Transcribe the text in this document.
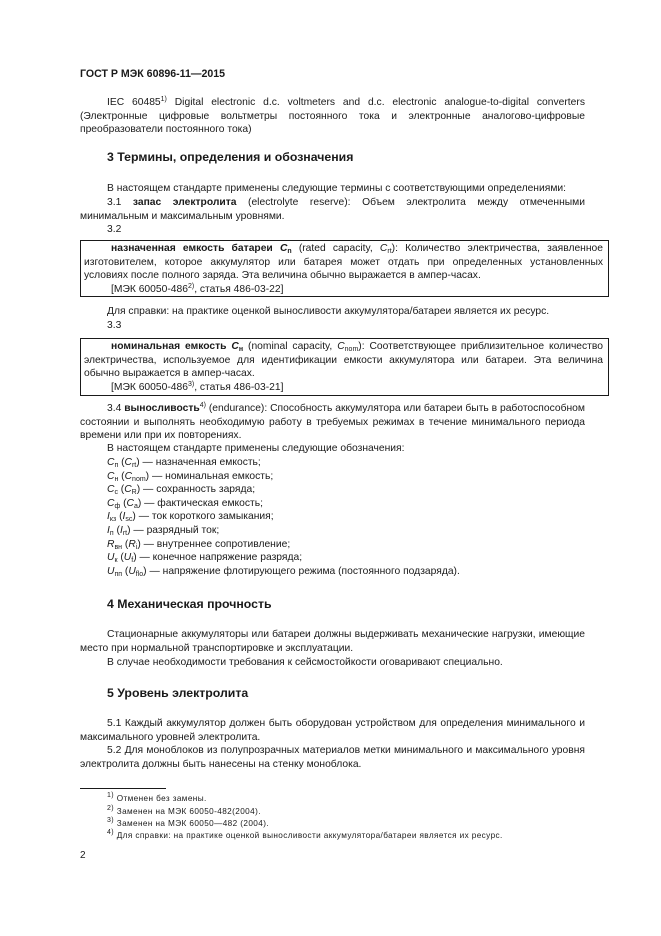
ГОСТ Р МЭК 60896-11—2015
IEC 60485$^{1)}$ Digital electronic d.c. voltmeters and d.c. electronic analogue-to-digital converters (Электронные цифровые вольтметры постоянного тока и электронные аналогово-цифровые преобразователи постоянного тока)
3 Термины, определения и обозначения
В настоящем стандарте применены следующие термины с соответствующими определениями:
3.1 запас электролита (electrolyte reserve): Объем электролита между отмеченными минимальным и максимальным уровнями.
3.2
назначенная емкость батареи $C_n$ (rated capacity, $C_{rt}$): Количество электричества, заявленное изготовителем, которое аккумулятор или батарея может отдать при определенных установленных условиях после полного заряда. Эта величина обычно выражается в ампер-часах.
[МЭК 60050-486$^{2)}$, статья 486-03-22]
Для справки: на практике оценкой выносливости аккумулятора/батареи является их ресурс.
3.3
номинальная емкость $C_н$ (nominal capacity, $C_{nom}$): Соответствующее приблизительное количество электричества, используемое для идентификации емкости аккумулятора или батареи. Эта величина обычно выражается в ампер-часах.
[МЭК 60050-486$^{3)}$, статья 486-03-21]
3.4 выносливость$^{4)}$ (endurance): Способность аккумулятора или батареи быть в работоспособном состоянии и выполнять необходимую работу в требуемых режимах в течение минимального периода времени или при их повторениях.
В настоящем стандарте применены следующие обозначения:
$C_п$ $(C_{rt})$ — назначенная емкость;
$C_н$ $(C_{nom})$ — номинальная емкость;
$C_с$ $(C_R)$ — сохранность заряда;
$C_ф$ $(C_a)$ — фактическая емкость;
$I_{кз}$ $(I_{sc})$ — ток короткого замыкания;
$I_п$ $(I_{rt})$ — разрядный ток;
$R_{вн}$ $(R_i)$ — внутреннее сопротивление;
$U_к$ $(U_f)$ — конечное напряжение разряда;
$U_{пп}$ $(U_{flo})$ — напряжение флотирующего режима (постоянного подзаряда).
4 Механическая прочность
Стационарные аккумуляторы или батареи должны выдерживать механические нагрузки, имеющие место при нормальной транспортировке и эксплуатации.
В случае необходимости требования к сейсмостойкости оговаривают специально.
5 Уровень электролита
5.1 Каждый аккумулятор должен быть оборудован устройством для определения минимального и максимального уровней электролита.
5.2 Для моноблоков из полупрозрачных материалов метки минимального и максимального уровня электролита должны быть нанесены на стенку моноблока.
$^{1)}$ Отменен без замены.
$^{2)}$ Заменен на МЭК 60050-482(2004).
$^{3)}$ Заменен на МЭК 60050—482 (2004).
$^{4)}$ Для справки: на практике оценкой выносливости аккумулятора/батареи является их ресурс.
2
